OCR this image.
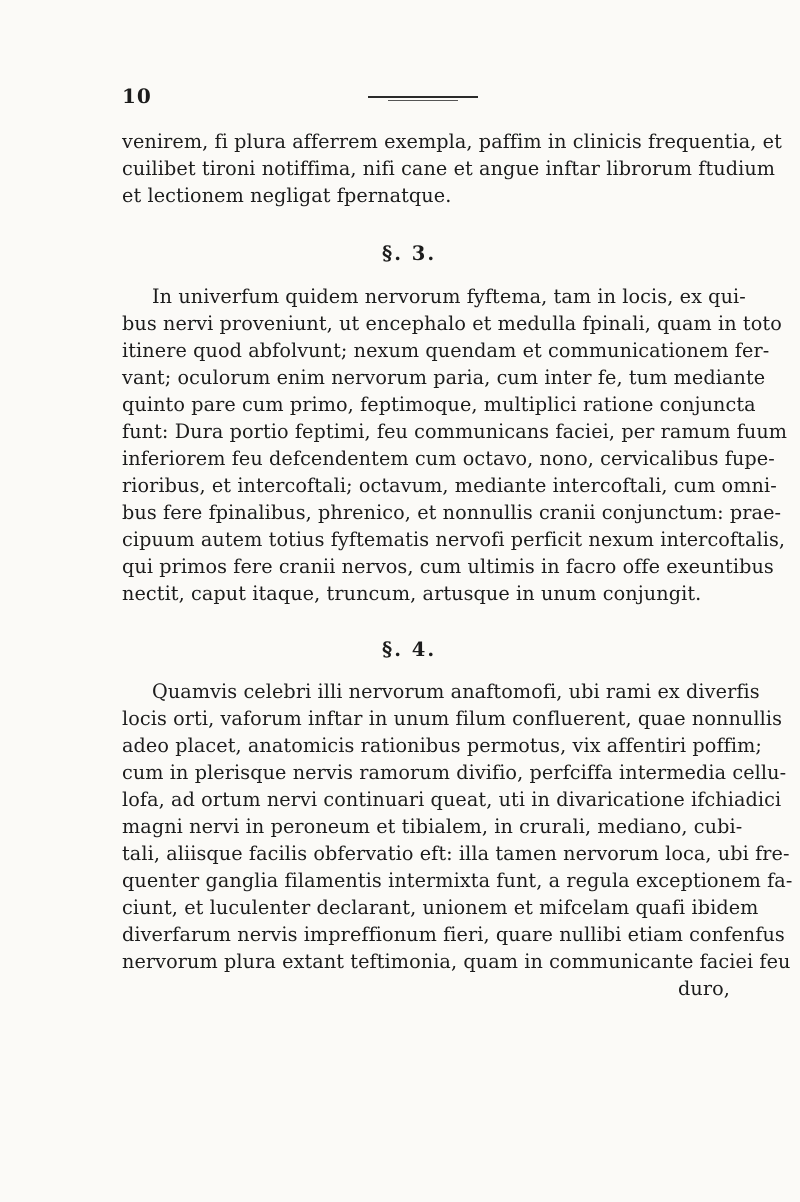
10
venirem, fi plura afferrem exempla, paffim in clinicis frequentia, et
cuilibet tironi notiffima, nifi cane et angue inftar librorum ftudium
et lectionem negligat fpernatque.
§. 3.
In univerfum quidem nervorum fyftema, tam in locis, ex qui-
bus nervi proveniunt, ut encephalo et medulla fpinali, quam in toto
itinere quod abfolvunt; nexum quendam et communicationem fer-
vant; oculorum enim nervorum paria, cum inter fe, tum mediante
quinto pare cum primo, feptimoque, multiplici ratione conjuncta
funt: Dura portio feptimi, feu communicans faciei, per ramum fuum
inferiorem feu defcendentem cum octavo, nono, cervicalibus fupe-
rioribus, et intercoftali; octavum, mediante intercoftali, cum omni-
bus fere fpinalibus, phrenico, et nonnullis cranii conjunctum: prae-
cipuum autem totius fyftematis nervofi perficit nexum intercoftalis,
qui primos fere cranii nervos, cum ultimis in facro offe exeuntibus
nectit, caput itaque, truncum, artusque in unum conjungit.
§. 4.
Quamvis celebri illi nervorum anaftomofi, ubi rami ex diverfis
locis orti, vaforum inftar in unum filum confluerent, quae nonnullis
adeo placet, anatomicis rationibus permotus, vix affentiri poffim;
cum in plerisque nervis ramorum divifio, perfciffa intermedia cellu-
lofa, ad ortum nervi continuari queat, uti in divaricatione ifchiadici
magni nervi in peroneum et tibialem, in crurali, mediano, cubi-
tali, aliisque facilis obfervatio eft: illa tamen nervorum loca, ubi fre-
quenter ganglia filamentis intermixta funt, a regula exceptionem fa-
ciunt, et luculenter declarant, unionem et mifcelam quafi ibidem
diverfarum nervis impreffionum fieri, quare nullibi etiam confenfus
nervorum plura extant teftimonia, quam in communicante faciei feu
duro,
